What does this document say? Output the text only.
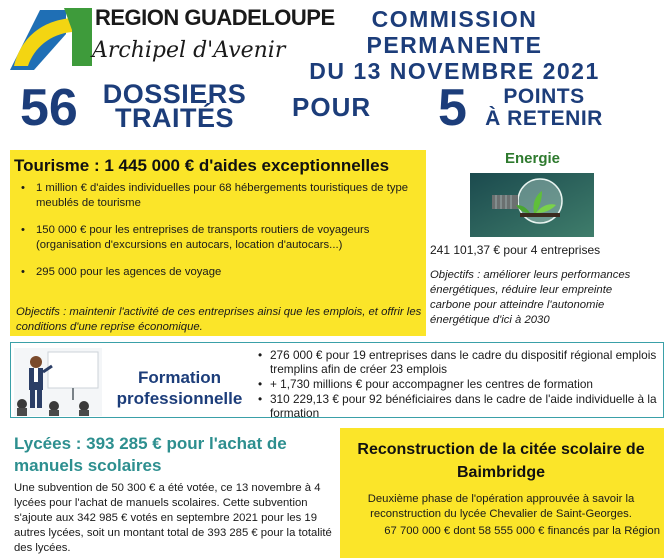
REGION GUADELOUPE
Archipel d'Avenir
COMMISSION PERMANENTE
DU 13 NOVEMBRE 2021
56 DOSSIERS
TRAITÉS	POUR 5	POINTS
À RETENIR
Tourisme : 1 445 000 € d'aides exceptionnelles
• 1 million € d'aides individuelles pour 68 hébergements touristiques de type meublés de tourisme
• 150 000 € pour les entreprises de transports routiers de voyageurs (organisation d'excursions en autocars, location d'autocars...)
• 295 000 pour les agences de voyage
Objectifs : maintenir l'activité de ces entreprises ainsi que les emplois, et offrir les conditions d'une reprise économique.
Energie
241 101,37 € pour 4 entreprises
Objectifs : améliorer leurs performances énergétiques, réduire leur empreinte carbone pour atteindre l'autonomie énergétique d'ici à 2030
Formation professionnelle
• 276 000 € pour 19 entreprises dans le cadre du dispositif régional emplois tremplins afin de créer 23 emplois
• + 1,730 millions € pour accompagner les centres de formation
• 310 229,13 € pour 92 bénéficiaires dans le cadre de l'aide individuelle à la formation
Lycées : 393 285 € pour l'achat de manuels scolaires
Une subvention de 50 300 € a été votée, ce 13 novembre à 4 lycées pour l'achat de manuels scolaires. Cette subvention s'ajoute aux 342 985 € votés en septembre 2021 pour les 19 autres lycées, soit un montant total de 393 285 € pour la totalité des lycées.
Reconstruction de la citée scolaire de Baimbridge
Deuxième phase de l'opération approuvée à savoir la reconstruction du lycée Chevalier de Saint-Georges.
67 700 000 € dont 58 555 000 € financés par la Région
